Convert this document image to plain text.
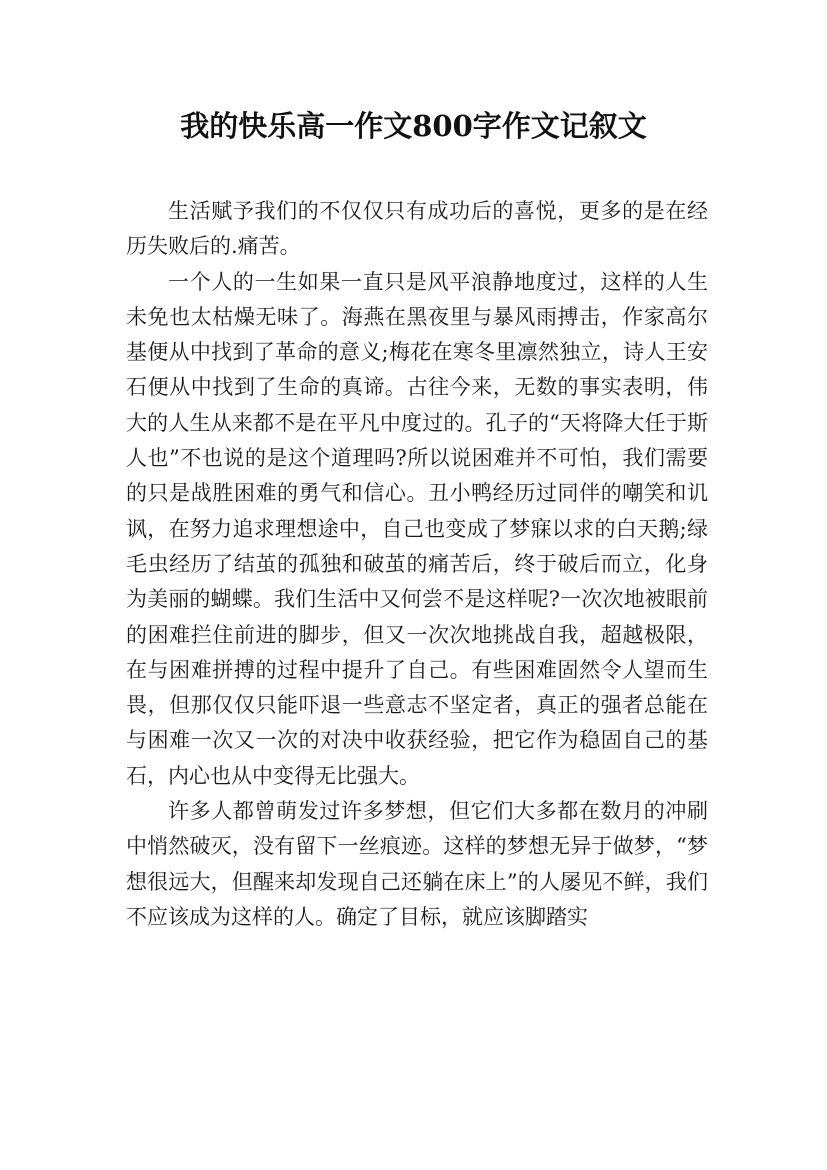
我的快乐高一作文800字作文记叙文

生活赋予我们的不仅仅只有成功后的喜悦，更多的是在经历失败后的.痛苦。

一个人的一生如果一直只是风平浪静地度过，这样的人生未免也太枯燥无味了。海燕在黑夜里与暴风雨搏击，作家高尔基便从中找到了革命的意义;梅花在寒冬里凛然独立，诗人王安石便从中找到了生命的真谛。古往今来，无数的事实表明，伟大的人生从来都不是在平凡中度过的。孔子的“天将降大任于斯人也”不也说的是这个道理吗?所以说困难并不可怕，我们需要的只是战胜困难的勇气和信心。丑小鸭经历过同伴的嘲笑和讥讽，在努力追求理想途中，自己也变成了梦寐以求的白天鹅;绿毛虫经历了结茧的孤独和破茧的痛苦后，终于破后而立，化身为美丽的蝴蝶。我们生活中又何尝不是这样呢?一次次地被眼前的困难拦住前进的脚步，但又一次次地挑战自我，超越极限，在与困难拼搏的过程中提升了自己。有些困难固然令人望而生畏，但那仅仅只能吓退一些意志不坚定者，真正的强者总能在与困难一次又一次的对决中收获经验，把它作为稳固自己的基石，内心也从中变得无比强大。

许多人都曾萌发过许多梦想，但它们大多都在数月的冲刷中悄然破灭，没有留下一丝痕迹。这样的梦想无异于做梦，“梦想很远大，但醒来却发现自己还躺在床上”的人屡见不鲜，我们不应该成为这样的人。确定了目标，就应该脚踏实
